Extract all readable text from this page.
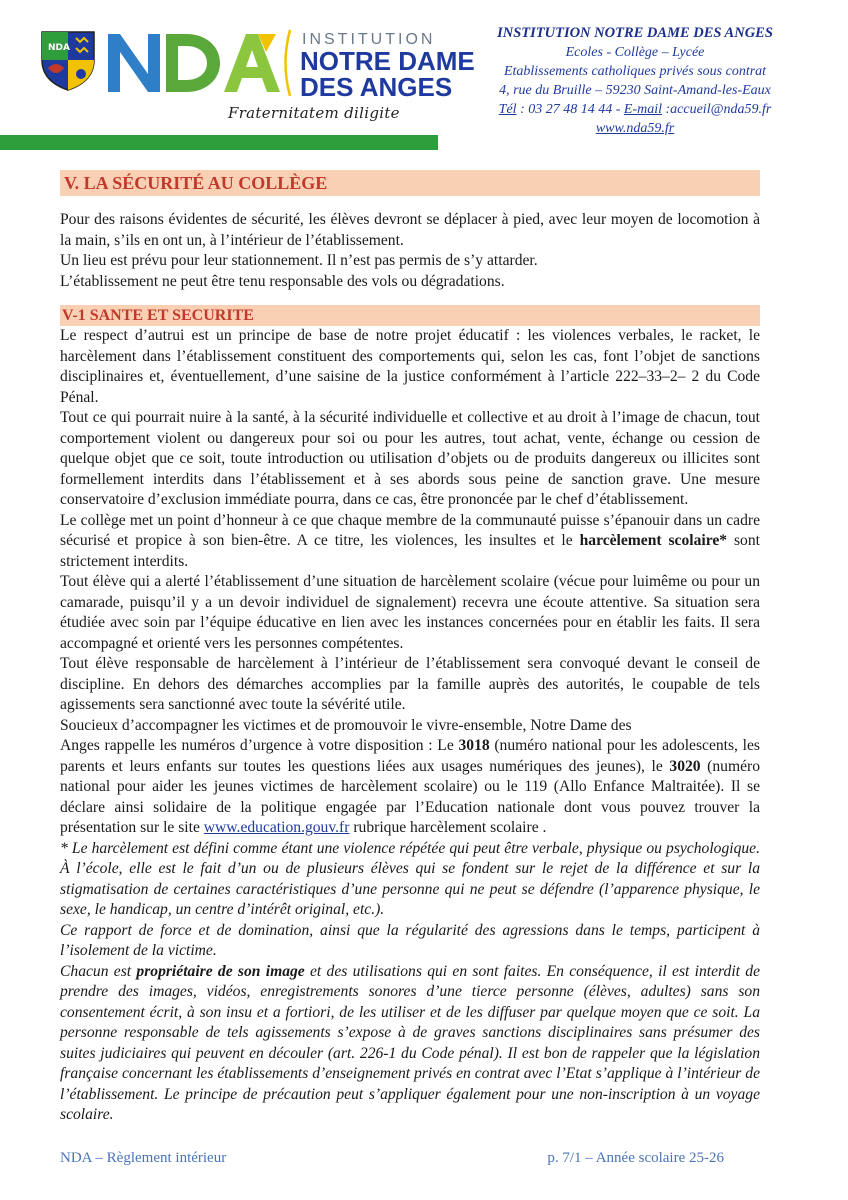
NDA	INSTITUTION
NOTRE DAME
DES ANGES
Fraternitatem diligite
INSTITUTION NOTRE DAME DES ANGES
Ecoles - Collège – Lycée
Etablissements catholiques privés sous contrat
4, rue du Bruille – 59230 Saint-Amand-les-Eaux
Tél : 03 27 48 14 44 - E-mail :accueil@nda59.fr
www.nda59.fr
V. LA SÉCURITÉ AU COLLÈGE
Pour des raisons évidentes de sécurité, les élèves devront se déplacer à pied, avec leur moyen de locomotion à la main, s’ils en ont un, à l’intérieur de l’établissement.
Un lieu est prévu pour leur stationnement. Il n’est pas permis de s’y attarder.
L’établissement ne peut être tenu responsable des vols ou dégradations.
V-1 SANTE ET SECURITE
Le respect d’autrui est un principe de base de notre projet éducatif : les violences verbales, le racket, le harcèlement dans l’établissement constituent des comportements qui, selon les cas, font l’objet de sanctions disciplinaires et, éventuellement, d’une saisine de la justice conformément à l’article 222–33–2– 2 du Code Pénal.
Tout ce qui pourrait nuire à la santé, à la sécurité individuelle et collective et au droit à l’image de chacun, tout comportement violent ou dangereux pour soi ou pour les autres, tout achat, vente, échange ou cession de quelque objet que ce soit, toute introduction ou utilisation d’objets ou de produits dangereux ou illicites sont formellement interdits dans l’établissement et à ses abords sous peine de sanction grave. Une mesure conservatoire d’exclusion immédiate pourra, dans ce cas, être prononcée par le chef d’établissement.
Le collège met un point d’honneur à ce que chaque membre de la communauté puisse s’épanouir dans un cadre sécurisé et propice à son bien-être. A ce titre, les violences, les insultes et le harcèlement scolaire* sont strictement interdits.
Tout élève qui a alerté l’établissement d’une situation de harcèlement scolaire (vécue pour luimême ou pour un camarade, puisqu’il y a un devoir individuel de signalement) recevra une écoute attentive. Sa situation sera étudiée avec soin par l’équipe éducative en lien avec les instances concernées pour en établir les faits. Il sera accompagné et orienté vers les personnes compétentes.
Tout élève responsable de harcèlement à l’intérieur de l’établissement sera convoqué devant le conseil de discipline. En dehors des démarches accomplies par la famille auprès des autorités, le coupable de tels agissements sera sanctionné avec toute la sévérité utile.
Soucieux d’accompagner les victimes et de promouvoir le vivre-ensemble, Notre Dame des
Anges rappelle les numéros d’urgence à votre disposition : Le 3018 (numéro national pour les adolescents, les parents et leurs enfants sur toutes les questions liées aux usages numériques des jeunes), le 3020 (numéro national pour aider les jeunes victimes de harcèlement scolaire) ou le 119 (Allo Enfance Maltraitée). Il se déclare ainsi solidaire de la politique engagée par l’Education nationale dont vous pouvez trouver la présentation sur le site www.education.gouv.fr rubrique harcèlement scolaire .
* Le harcèlement est défini comme étant une violence répétée qui peut être verbale, physique ou psychologique. À l’école, elle est le fait d’un ou de plusieurs élèves qui se fondent sur le rejet de la différence et sur la stigmatisation de certaines caractéristiques d’une personne qui ne peut se défendre (l’apparence physique, le sexe, le handicap, un centre d’intérêt original, etc.).
Ce rapport de force et de domination, ainsi que la régularité des agressions dans le temps, participent à l’isolement de la victime.
Chacun est propriétaire de son image et des utilisations qui en sont faites. En conséquence, il est interdit de prendre des images, vidéos, enregistrements sonores d’une tierce personne (élèves, adultes) sans son consentement écrit, à son insu et a fortiori, de les utiliser et de les diffuser par quelque moyen que ce soit. La personne responsable de tels agissements s’expose à de graves sanctions disciplinaires sans présumer des suites judiciaires qui peuvent en découler (art. 226-1 du Code pénal). Il est bon de rappeler que la législation française concernant les établissements d’enseignement privés en contrat avec l’Etat s’applique à l’intérieur de l’établissement. Le principe de précaution peut s’appliquer également pour une non-inscription à un voyage scolaire.
NDA – Règlement intérieur	p. 7/1 – Année scolaire 25-26
